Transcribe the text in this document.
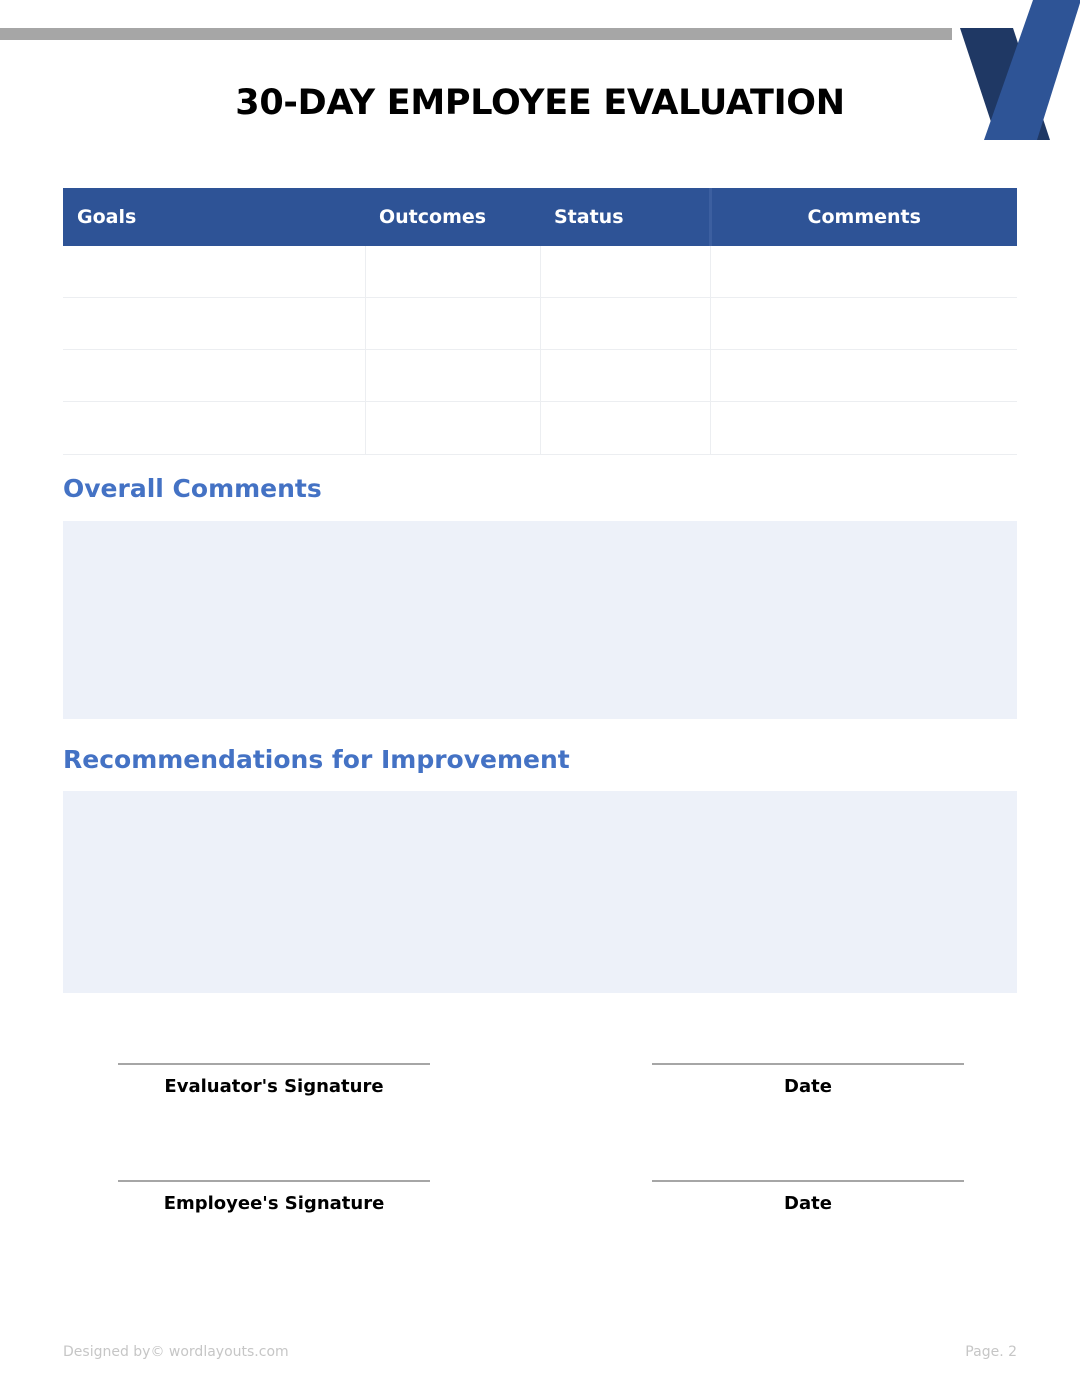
30-DAY EMPLOYEE EVALUATION
Goals	Outcomes	Status	Comments

Overall Comments
Recommendations for Improvement
Evaluator's Signature	Date
Employee's Signature	Date
Designed by© wordlayouts.com	Page. 2
